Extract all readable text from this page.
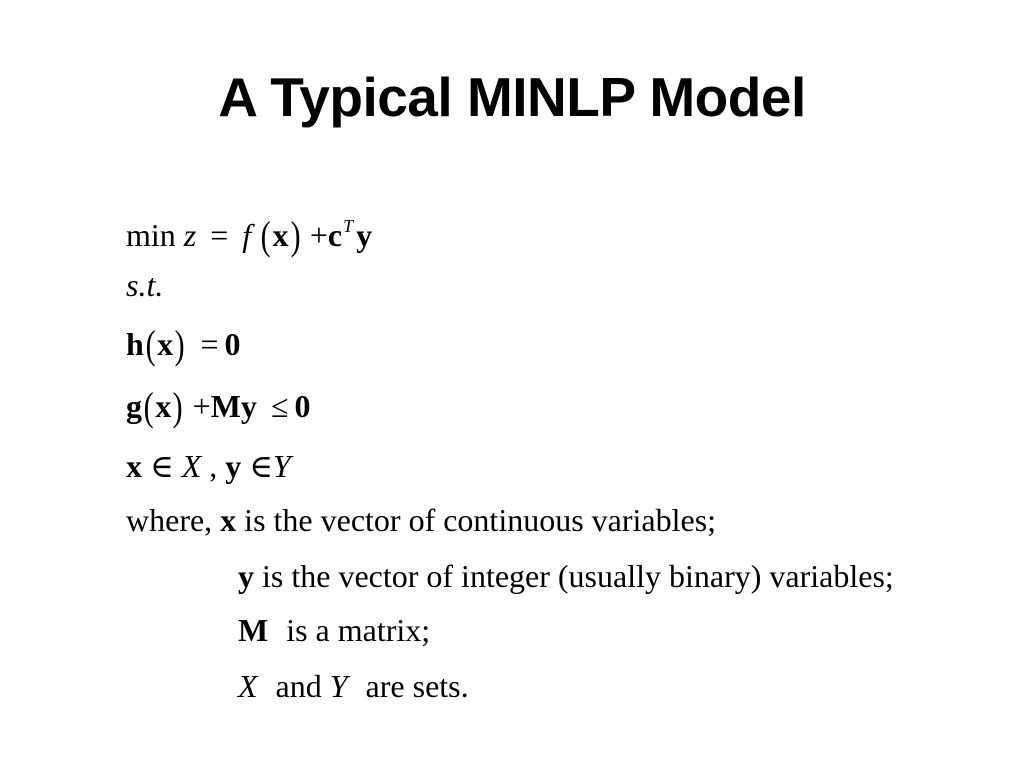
A Typical MINLP Model
min z = f $(x) +c^Ty$
s.t.
h(x) = 0
g(x) +My ≤ 0
x ∈ X , y ∈Y
where, x is the vector of continuous variables;
y is the vector of integer (usually binary) variables;
M is a matrix;
X and Y are sets.
